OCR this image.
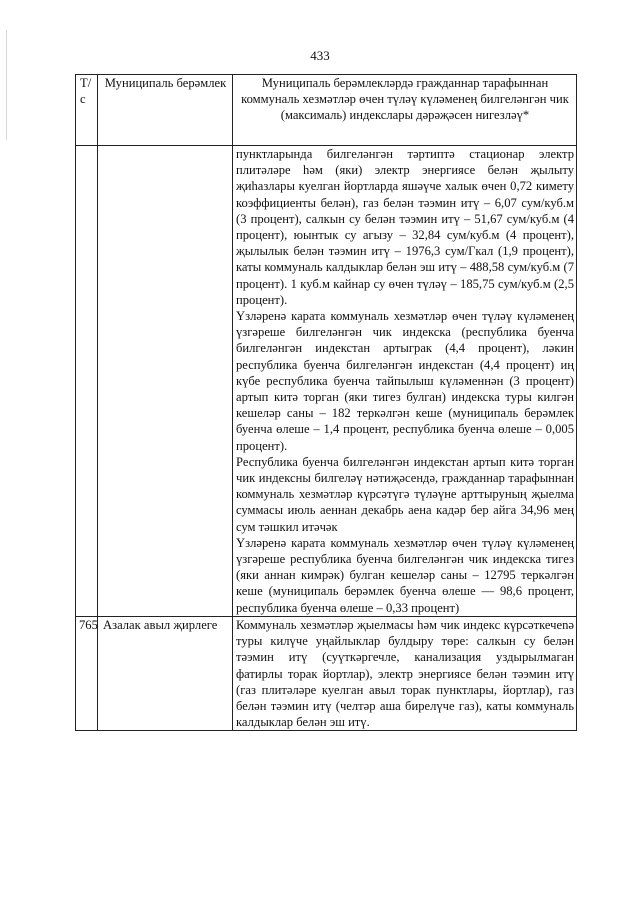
433
Т/с	Муниципаль берәмлек	Муниципаль берәмлекләрдә гражданнар тарафыннан коммуналь хезмәтләр өчен түләү күләменең билгеләнгән чик (максималь) индекслары дәрәҗәсен нигезләү*

		пунктларында билгеләнгән тәртиптә стационар электр плитәләре һәм (яки) электр энергиясе белән җылыту җиһазлары куелган йортларда яшәүче халык өчен 0,72 кимету коэффициенты белән), газ белән тәэмин итү – 6,07 сум/куб.м (3 процент), салкын су белән тәэмин итү – 51,67 сум/куб.м (4 процент), юынтык су агызу – 32,84 сум/куб.м (4 процент), җылылык белән тәэмин итү – 1976,3 сум/Гкал (1,9 процент), каты коммуналь калдыклар белән эш итү – 488,58 сум/куб.м (7 процент). 1 куб.м кайнар су өчен түләү – 185,75 сум/куб.м (2,5 процент).

Үзләренә карата коммуналь хезмәтләр өчен түләү күләменең үзгәреше билгеләнгән чик индекска (республика буенча билгеләнгән индекстан артыграк (4,4 процент), ләкин республика буенча билгеләнгән индекстан (4,4 процент) иң күбе республика буенча тайпылыш күләменнән (3 процент) артып китә торган (яки тигез булган) индекска туры килгән кешеләр саны – 182 теркәлгән кеше (муниципаль берәмлек буенча өлеше – 1,4 процент, республика буенча өлеше – 0,005 процент).

Республика буенча билгеләнгән индекстан артып китә торган чик индексны билгеләү нәтиҗәсендә, гражданнар тарафыннан коммуналь хезмәтләр күрсәтүгә түләүне арттыруның җыелма суммасы июль аеннан декабрь аена кадәр бер айга 34,96 мең сум тәшкил итәчәк

Үзләренә карата коммуналь хезмәтләр өчен түләү күләменең үзгәреше республика буенча билгеләнгән чик индекска тигез (яки аннан кимрәк) булган кешеләр саны – 12795 теркәлгән кеше (муниципаль берәмлек буенча өлеше — 98,6 процент, республика буенча өлеше – 0,33 процент)

765	Азалак авыл җирлеге	Коммуналь хезмәтләр җыелмасы һәм чик индекс күрсәткечenә туры килүче уңайлыклар булдыру төре: салкын су белән тәэмин итү (суүткәргечле, канализация уздырылмаган фатирлы торак йортлар), электр энергиясе белән тәэмин итү (газ плитәләре куелган авыл торак пунктлары, йортлар), газ белән тәэмин итү (челтәр аша бирелүче газ), каты коммуналь калдыклар белән эш итү.
